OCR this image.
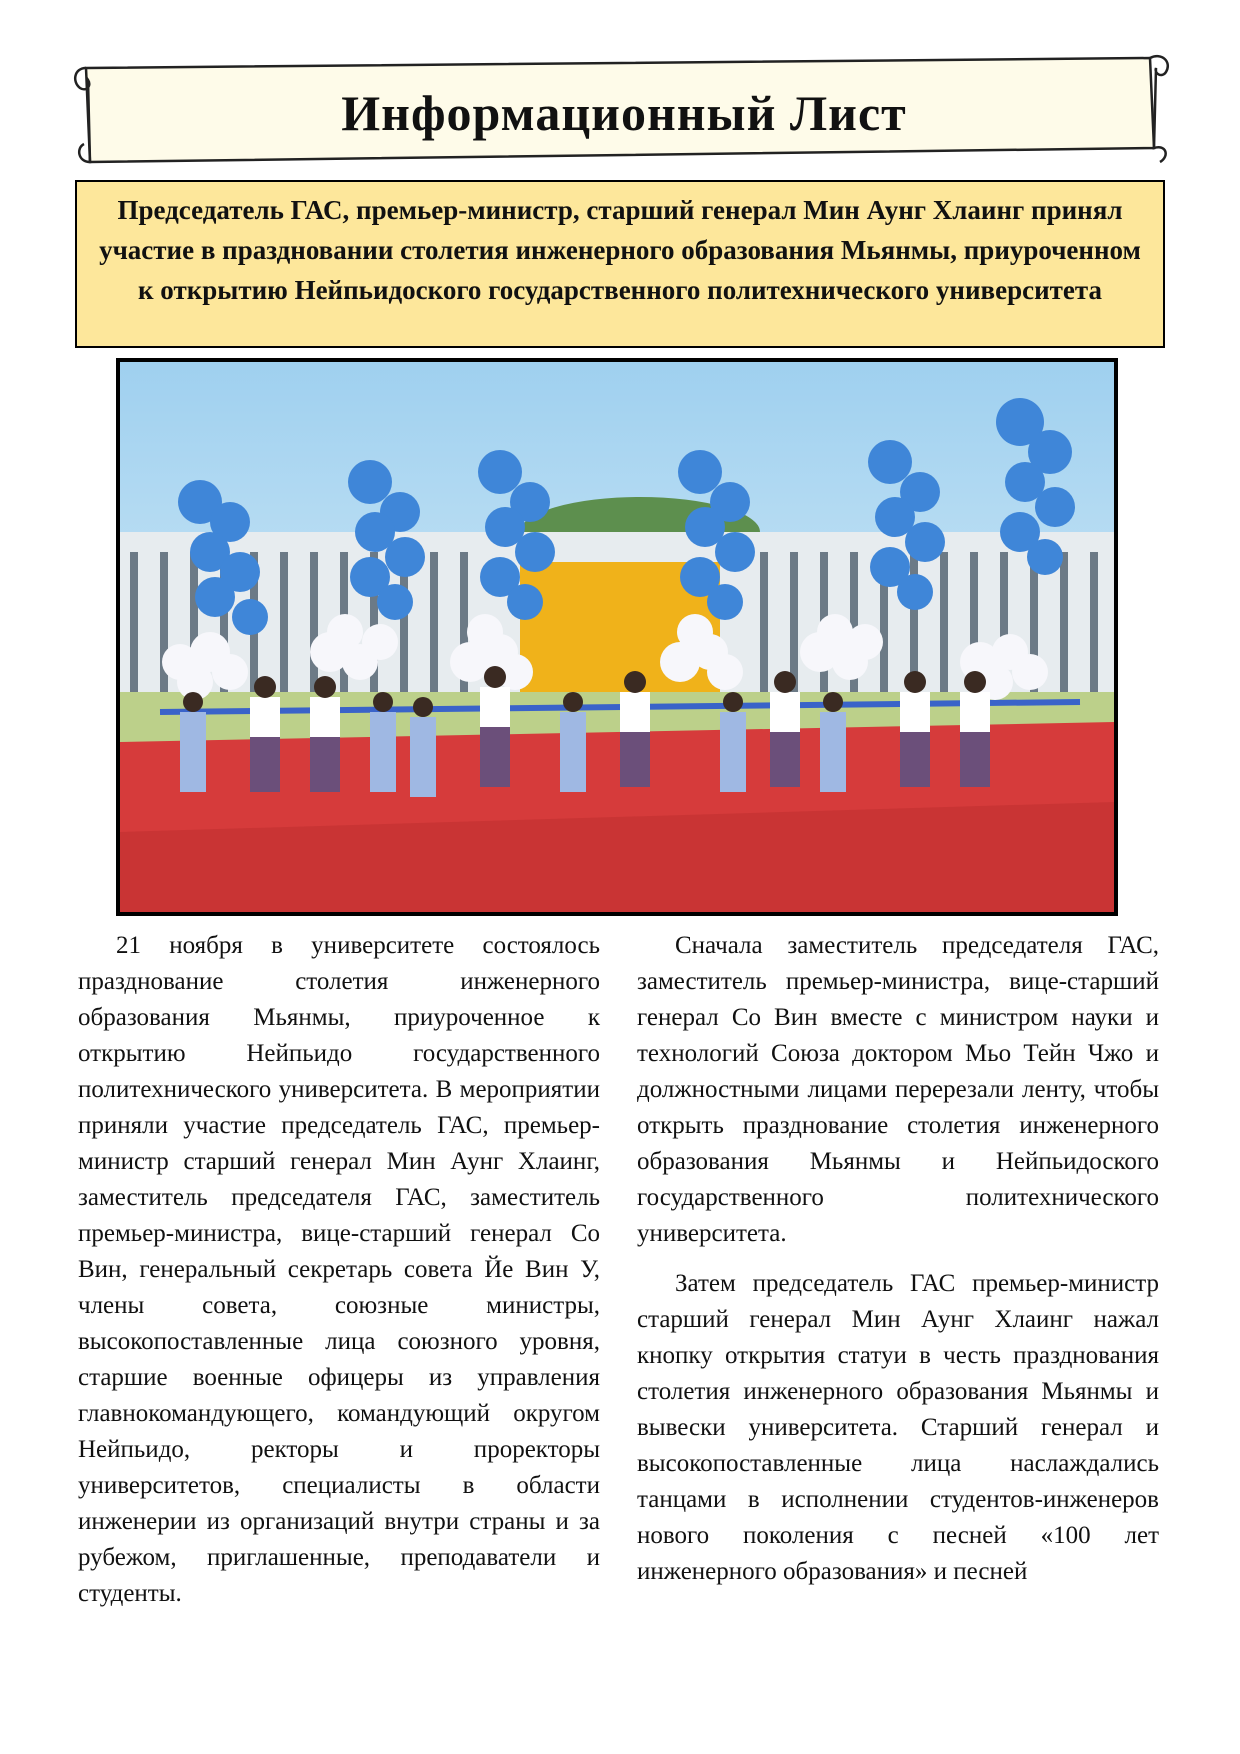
Информационный Лист

Председатель ГАС, премьер-министр, старший генерал Мин Аунг Хлаинг принял участие в праздновании столетия инженерного образования Мьянмы, приуроченном к открытию Нейпьидоского государственного политехнического университета

21 ноября в университете состоялось празднование столетия инженерного образования Мьянмы, приуроченное к открытию Нейпьидо государственного политехнического университета. В мероприятии приняли участие председатель ГАС, премьер-министр старший генерал Мин Аунг Хлаинг, заместитель председателя ГАС, заместитель премьер-министра, вице-старший генерал Со Вин, генеральный секретарь совета Йе Вин У, члены совета, союзные министры, высокопоставленные лица союзного уровня, старшие военные офицеры из управления главнокомандующего, командующий округом Нейпьидо, ректоры и проректоры университетов, специалисты в области инженерии из организаций внутри страны и за рубежом, приглашенные, преподаватели и студенты.

Сначала заместитель председателя ГАС, заместитель премьер-министра, вице-старший генерал Со Вин вместе с министром науки и технологий Союза доктором Мьо Тейн Чжо и должностными лицами перерезали ленту, чтобы открыть празднование столетия инженерного образования Мьянмы и Нейпьидоского государственного политехнического университета.

Затем председатель ГАС премьер-министр старший генерал Мин Аунг Хлаинг нажал кнопку открытия статуи в честь празднования столетия инженерного образования Мьянмы и вывески университета. Старший генерал и высокопоставленные лица наслаждались танцами в исполнении студентов-инженеров нового поколения с песней «100 лет инженерного образования» и песней
